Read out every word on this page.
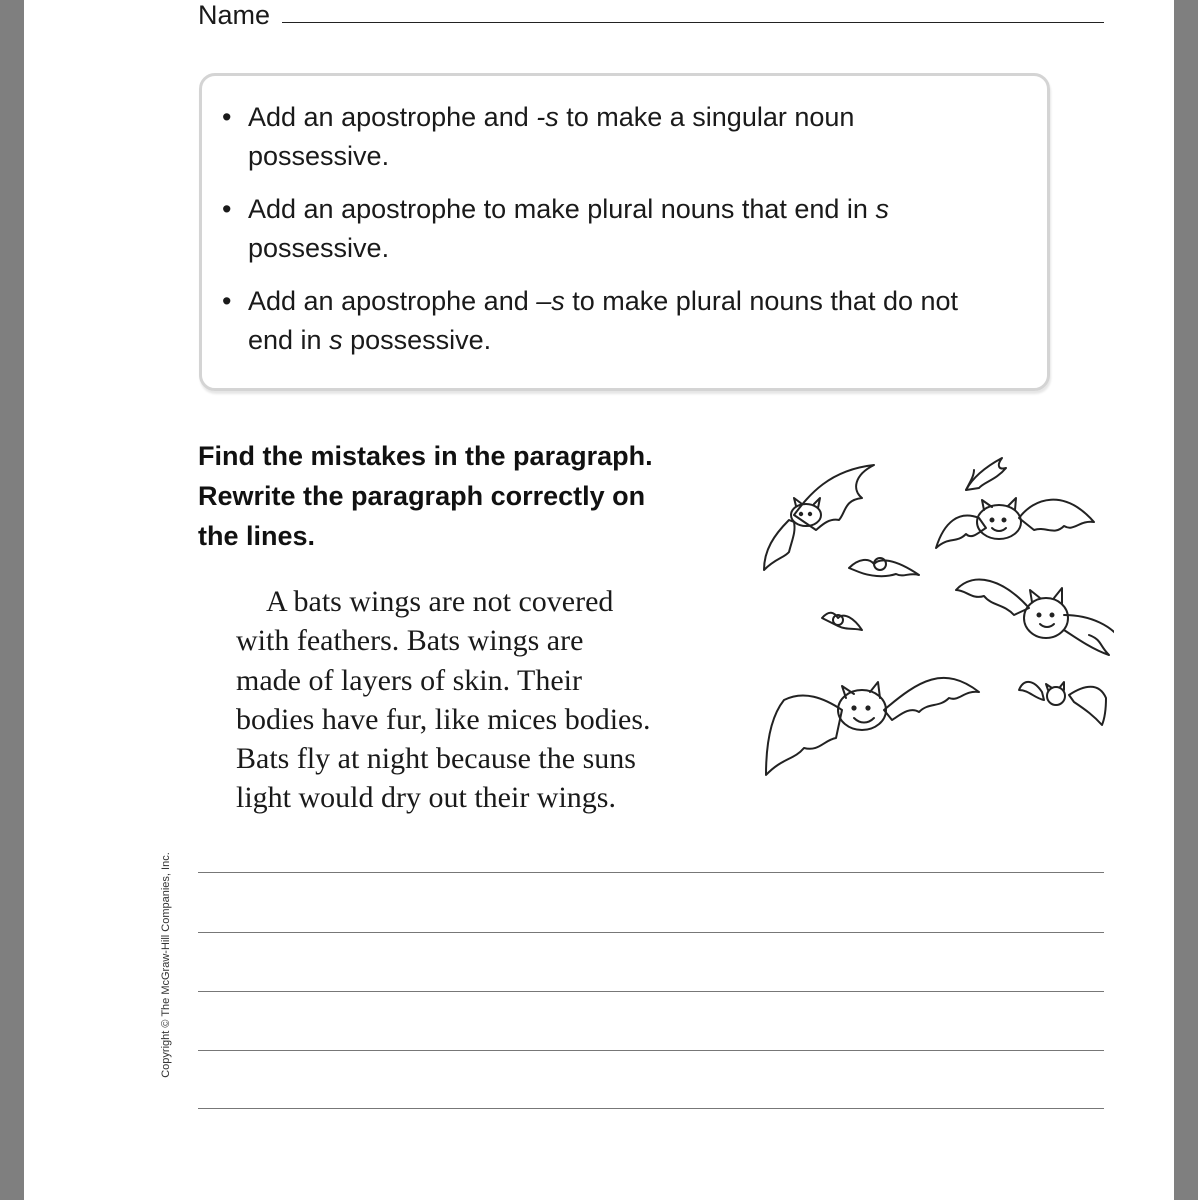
Name
• Add an apostrophe and -s to make a singular noun
possessive.
• Add an apostrophe to make plural nouns that end in s
possessive.
• Add an apostrophe and –s to make plural nouns that do not
end in s possessive.
Find the mistakes in the paragraph.
Rewrite the paragraph correctly on
the lines.
A bats wings are not covered
with feathers. Bats wings are
made of layers of skin. Their
bodies have fur, like mices bodies.
Bats fly at night because the suns
light would dry out their wings.
Copyright © The McGraw-Hill Companies, Inc.
